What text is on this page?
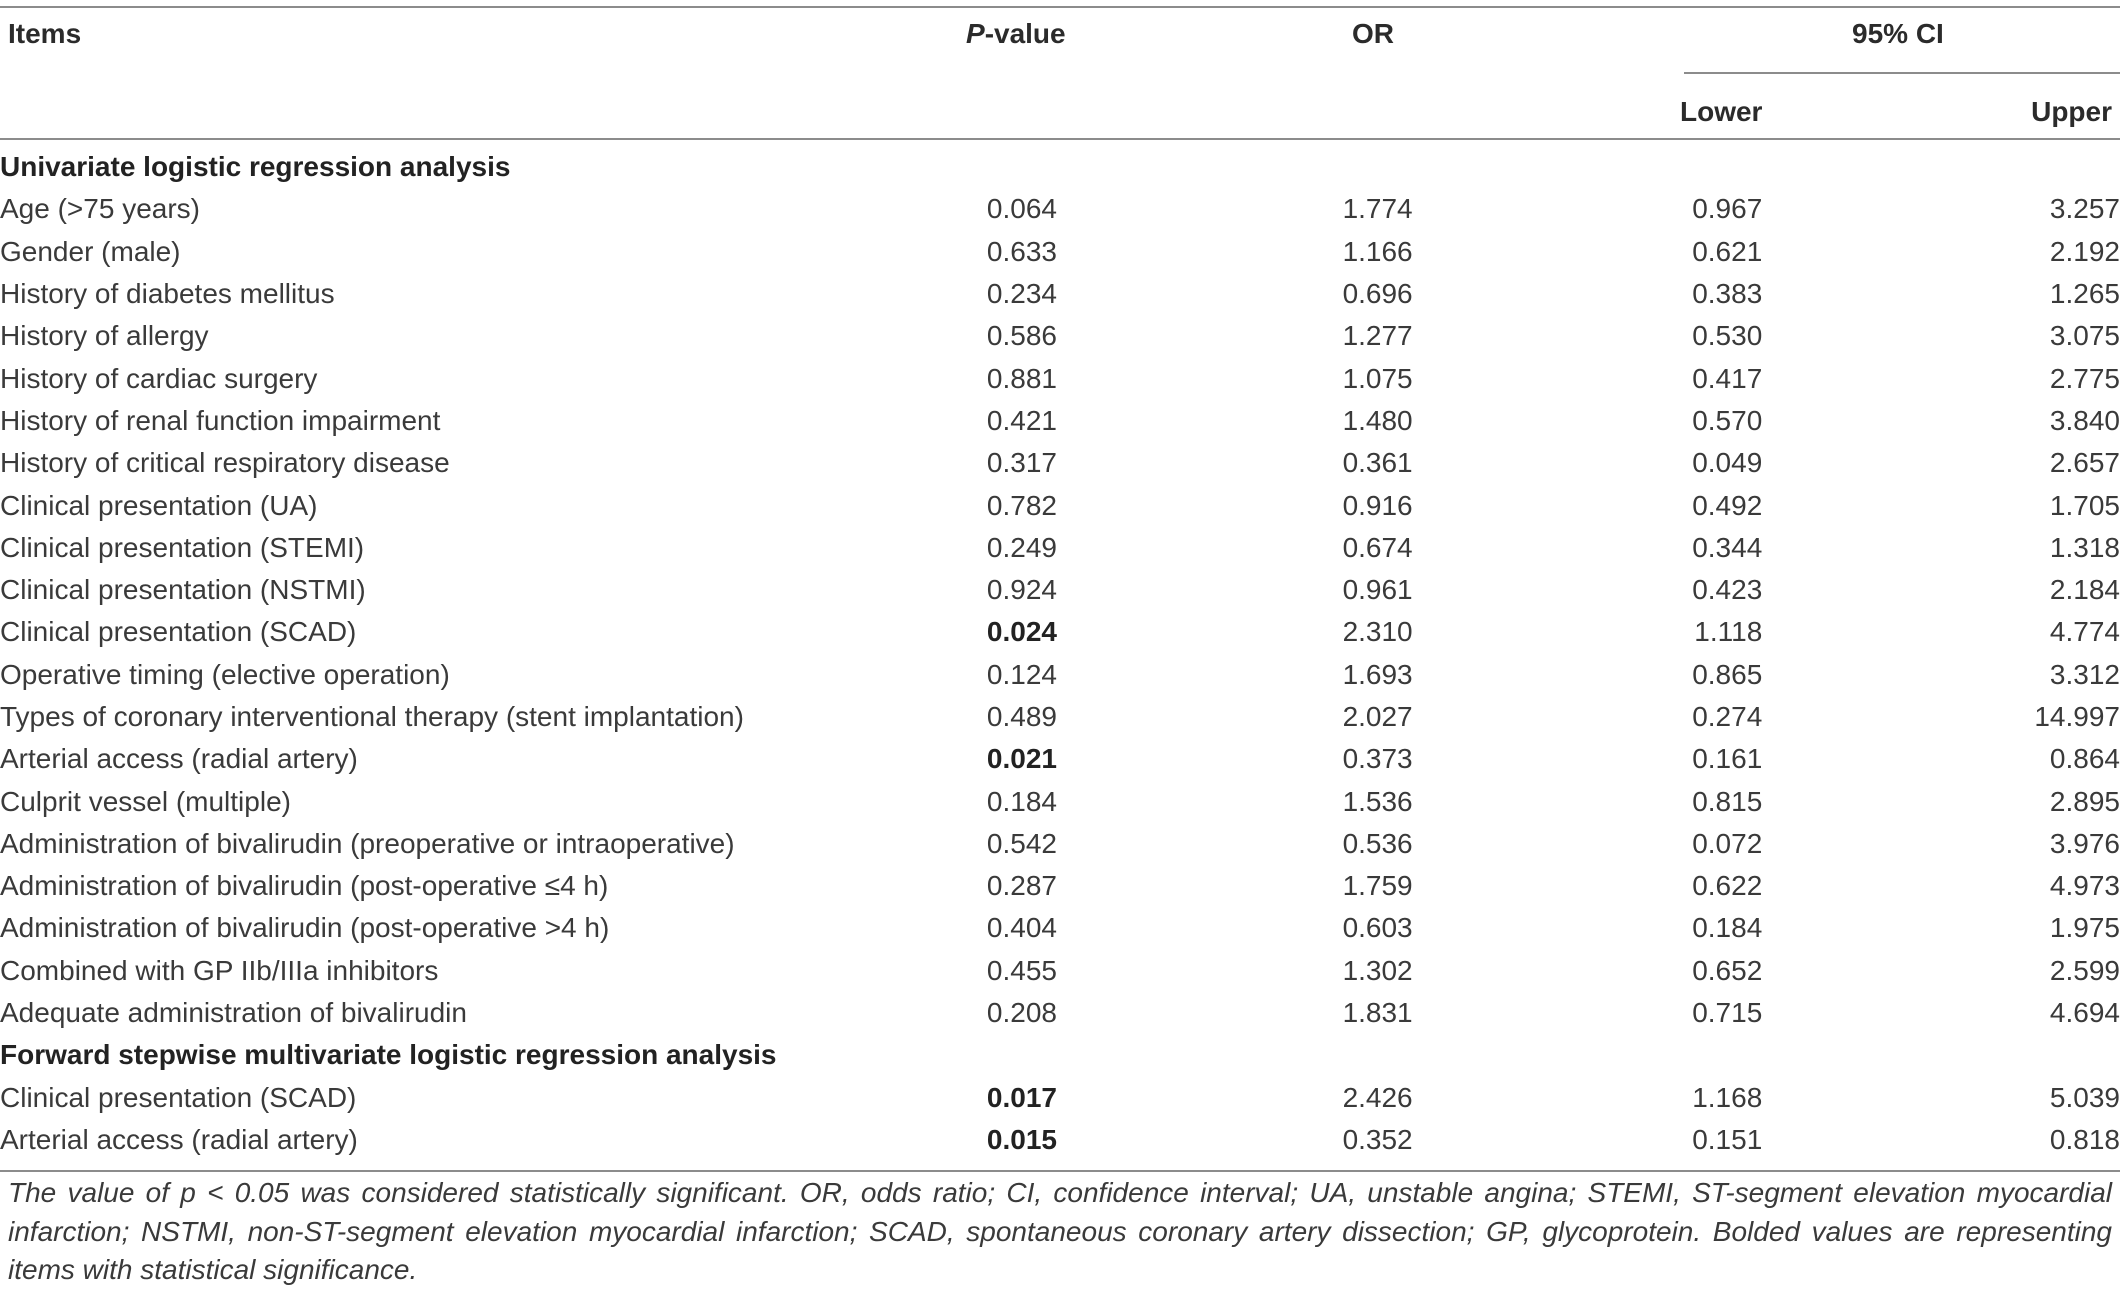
Items	P-value	OR	95% CI
Lower	Upper
Univariate logistic regression analysis				
Age (>75 years)	0.064	1.774	0.967	3.257
Gender (male)	0.633	1.166	0.621	2.192
History of diabetes mellitus	0.234	0.696	0.383	1.265
History of allergy	0.586	1.277	0.530	3.075
History of cardiac surgery	0.881	1.075	0.417	2.775
History of renal function impairment	0.421	1.480	0.570	3.840
History of critical respiratory disease	0.317	0.361	0.049	2.657
Clinical presentation (UA)	0.782	0.916	0.492	1.705
Clinical presentation (STEMI)	0.249	0.674	0.344	1.318
Clinical presentation (NSTMI)	0.924	0.961	0.423	2.184
Clinical presentation (SCAD)	0.024	2.310	1.118	4.774
Operative timing (elective operation)	0.124	1.693	0.865	3.312
Types of coronary interventional therapy (stent implantation)	0.489	2.027	0.274	14.997
Arterial access (radial artery)	0.021	0.373	0.161	0.864
Culprit vessel (multiple)	0.184	1.536	0.815	2.895
Administration of bivalirudin (preoperative or intraoperative)	0.542	0.536	0.072	3.976
Administration of bivalirudin (post-operative ≤4 h)	0.287	1.759	0.622	4.973
Administration of bivalirudin (post-operative >4 h)	0.404	0.603	0.184	1.975
Combined with GP IIb/IIIa inhibitors	0.455	1.302	0.652	2.599
Adequate administration of bivalirudin	0.208	1.831	0.715	4.694
Forward stepwise multivariate logistic regression analysis				
Clinical presentation (SCAD)	0.017	2.426	1.168	5.039
Arterial access (radial artery)	0.015	0.352	0.151	0.818
The value of p < 0.05 was considered statistically significant. OR, odds ratio; CI, confidence interval; UA, unstable angina; STEMI, ST-segment elevation myocardial infarction; NSTMI, non-ST-segment elevation myocardial infarction; SCAD, spontaneous coronary artery dissection; GP, glycoprotein. Bolded values are representing items with statistical significance.
